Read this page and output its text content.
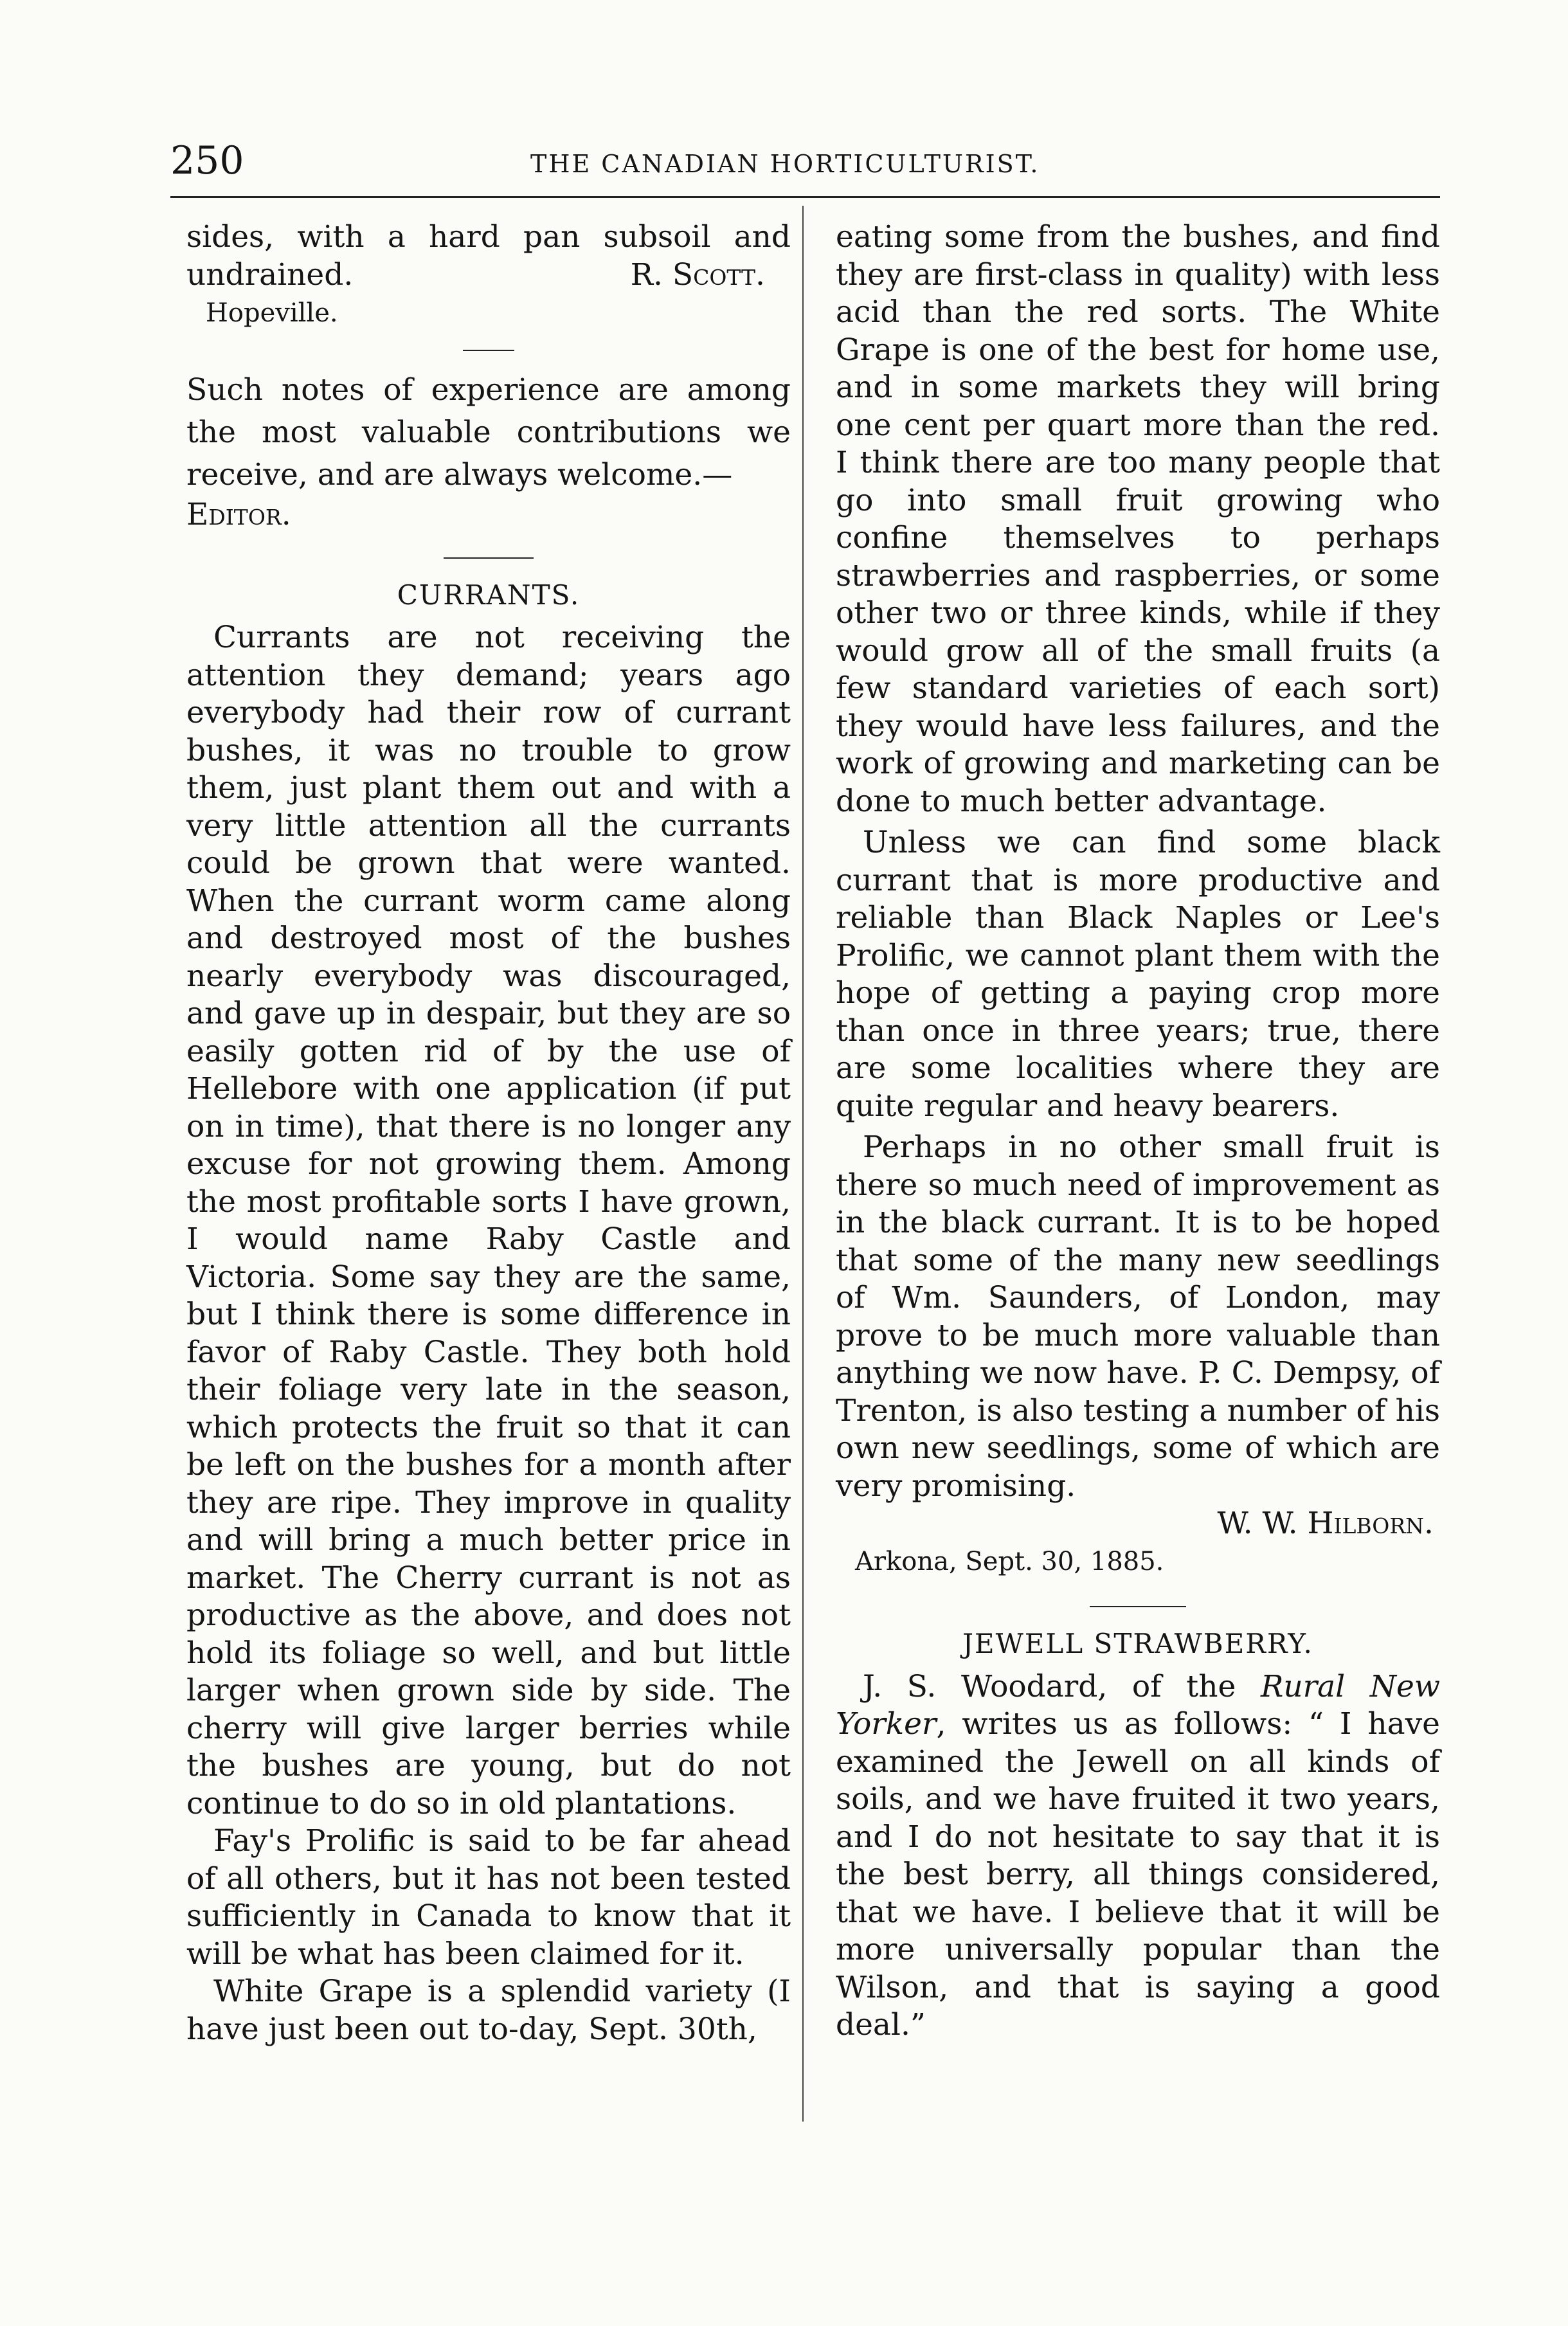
250	THE CANADIAN HORTICULTURIST.
sides, with a hard pan subsoil and undrained.	R. Scott.
Hopeville.

Such notes of experience are among the most valuable contributions we receive, and are always welcome.—

Editor.

CURRANTS.

Currants are not receiving the attention they demand; years ago everybody had their row of currant bushes, it was no trouble to grow them, just plant them out and with a very little attention all the currants could be grown that were wanted. When the currant worm came along and destroyed most of the bushes nearly everybody was discouraged, and gave up in despair, but they are so easily gotten rid of by the use of Hellebore with one application (if put on in time), that there is no longer any excuse for not growing them. Among the most profitable sorts I have grown, I would name Raby Castle and Victoria. Some say they are the same, but I think there is some difference in favor of Raby Castle. They both hold their foliage very late in the season, which protects the fruit so that it can be left on the bushes for a month after they are ripe. They improve in quality and will bring a much better price in market. The Cherry currant is not as productive as the above, and does not hold its foliage so well, and but little larger when grown side by side. The cherry will give larger berries while the bushes are young, but do not continue to do so in old plantations.

Fay's Prolific is said to be far ahead of all others, but it has not been tested sufficiently in Canada to know that it will be what has been claimed for it.

White Grape is a splendid variety (I have just been out to-day, Sept. 30th,

eating some from the bushes, and find they are first-class in quality) with less acid than the red sorts. The White Grape is one of the best for home use, and in some markets they will bring one cent per quart more than the red. I think there are too many people that go into small fruit growing who confine themselves to perhaps strawberries and raspberries, or some other two or three kinds, while if they would grow all of the small fruits (a few standard varieties of each sort) they would have less failures, and the work of growing and marketing can be done to much better advantage.

Unless we can find some black currant that is more productive and reliable than Black Naples or Lee's Prolific, we cannot plant them with the hope of getting a paying crop more than once in three years; true, there are some localities where they are quite regular and heavy bearers.

Perhaps in no other small fruit is there so much need of improvement as in the black currant. It is to be hoped that some of the many new seedlings of Wm. Saunders, of London, may prove to be much more valuable than anything we now have. P. C. Dempsy, of Trenton, is also testing a number of his own new seedlings, some of which are very promising.

W. W. Hilborn.
Arkona, Sept. 30, 1885.
JEWELL STRAWBERRY.

J. S. Woodard, of the Rural New Yorker, writes us as follows: “ I have examined the Jewell on all kinds of soils, and we have fruited it two years, and I do not hesitate to say that it is the best berry, all things considered, that we have. I believe that it will be more universally popular than the Wilson, and that is saying a good deal.”
